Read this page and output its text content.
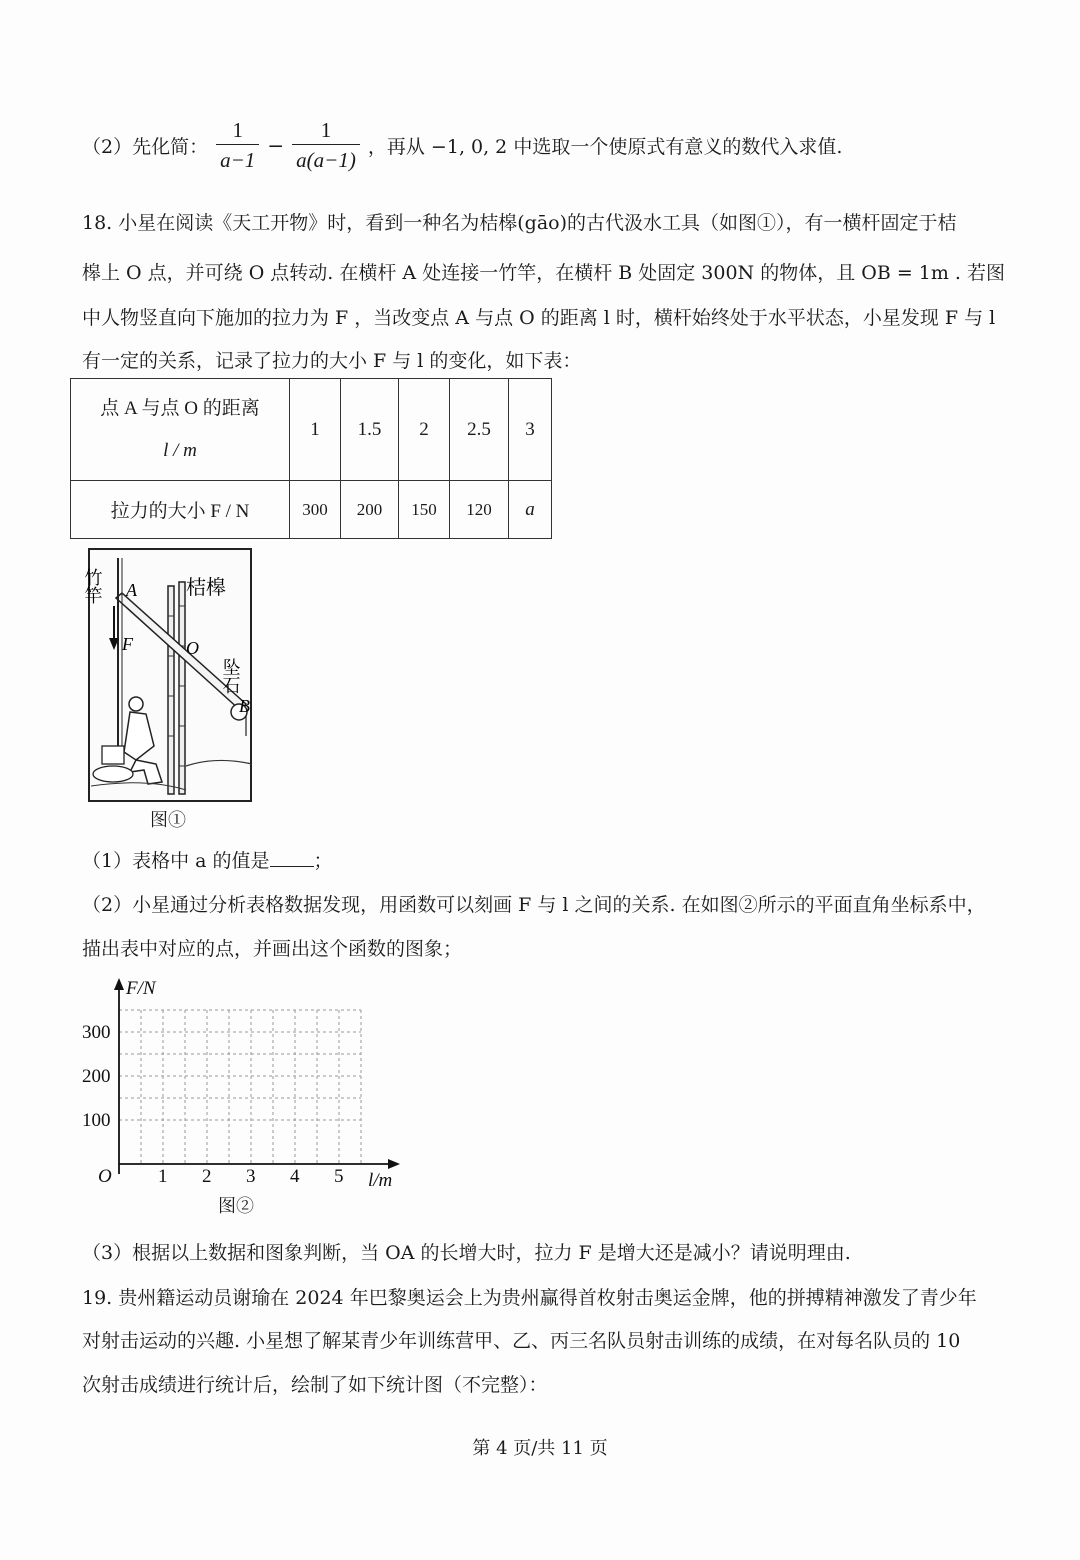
（2）先化简： $\frac{1}{a-1} - \frac{1}{a(a-1)}$ ，再从 −1, 0, 2 中选取一个使原式有意义的数代入求值.
18. 小星在阅读《天工开物》时，看到一种名为桔槔(gāo)的古代汲水工具（如图①），有一横杆固定于桔
槔上 O 点，并可绕 O 点转动. 在横杆 A 处连接一竹竿，在横杆 B 处固定 300N 的物体，且 OB = 1m . 若图
中人物竖直向下施加的拉力为 F ，当改变点 A 与点 O 的距离 l 时，横杆始终处于水平状态，小星发现 F 与 l
有一定的关系，记录了拉力的大小 F 与 l 的变化，如下表：
点 A 与点 O 的距离
l / m	1	1.5	2	2.5	3
拉力的大小 F / N	300	200	150	120	a
竹竿	桔槔
坠石
A
O
B
F
图①
（1）表格中 a 的值是 ；
（2）小星通过分析表格数据发现，用函数可以刻画 F 与 l 之间的关系. 在如图②所示的平面直角坐标系中，
描出表中对应的点，并画出这个函数的图象；
F/N
300
200
100
O 1 2 3 4 5 l/m
图②
（3）根据以上数据和图象判断，当 OA 的长增大时，拉力 F 是增大还是减小？请说明理由.
19. 贵州籍运动员谢瑜在 2024 年巴黎奥运会上为贵州赢得首枚射击奥运金牌，他的拼搏精神激发了青少年
对射击运动的兴趣. 小星想了解某青少年训练营甲、乙、丙三名队员射击训练的成绩，在对每名队员的 10
次射击成绩进行统计后，绘制了如下统计图（不完整）：
第 4 页/共 11 页
